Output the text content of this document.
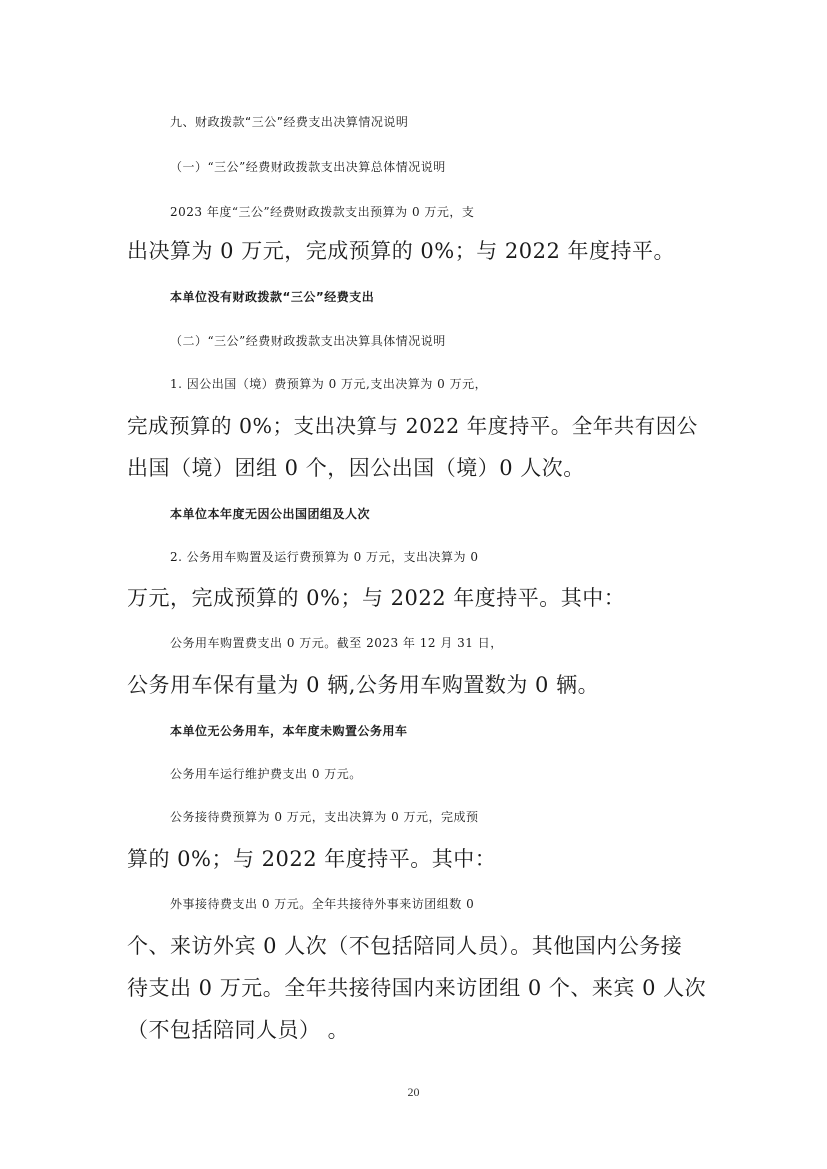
九、财政拨款“三公”经费支出决算情况说明
（一）“三公”经费财政拨款支出决算总体情况说明
2023 年度“三公”经费财政拨款支出预算为 0 万元，支
出决算为 0 万元，完成预算的 0%；与 2022 年度持平。
本单位没有财政拨款“三公”经费支出
（二）“三公”经费财政拨款支出决算具体情况说明
1. 因公出国（境）费预算为 0 万元,支出决算为 0 万元，
完成预算的 0%；支出决算与 2022 年度持平。全年共有因公
出国（境）团组 0 个，因公出国（境）0 人次。
本单位本年度无因公出国团组及人次
2. 公务用车购置及运行费预算为 0 万元，支出决算为 0
万元，完成预算的 0%；与 2022 年度持平。其中：
公务用车购置费支出 0 万元。截至 2023 年 12 月 31 日，
公务用车保有量为 0 辆,公务用车购置数为 0 辆。
本单位无公务用车，本年度未购置公务用车
公务用车运行维护费支出 0 万元。
公务接待费预算为 0 万元，支出决算为 0 万元，完成预
算的 0%；与 2022 年度持平。其中：
外事接待费支出 0 万元。全年共接待外事来访团组数 0
个、来访外宾 0 人次（不包括陪同人员）。其他国内公务接
待支出 0 万元。全年共接待国内来访团组 0 个、来宾 0 人次
（不包括陪同人员） 。
20
